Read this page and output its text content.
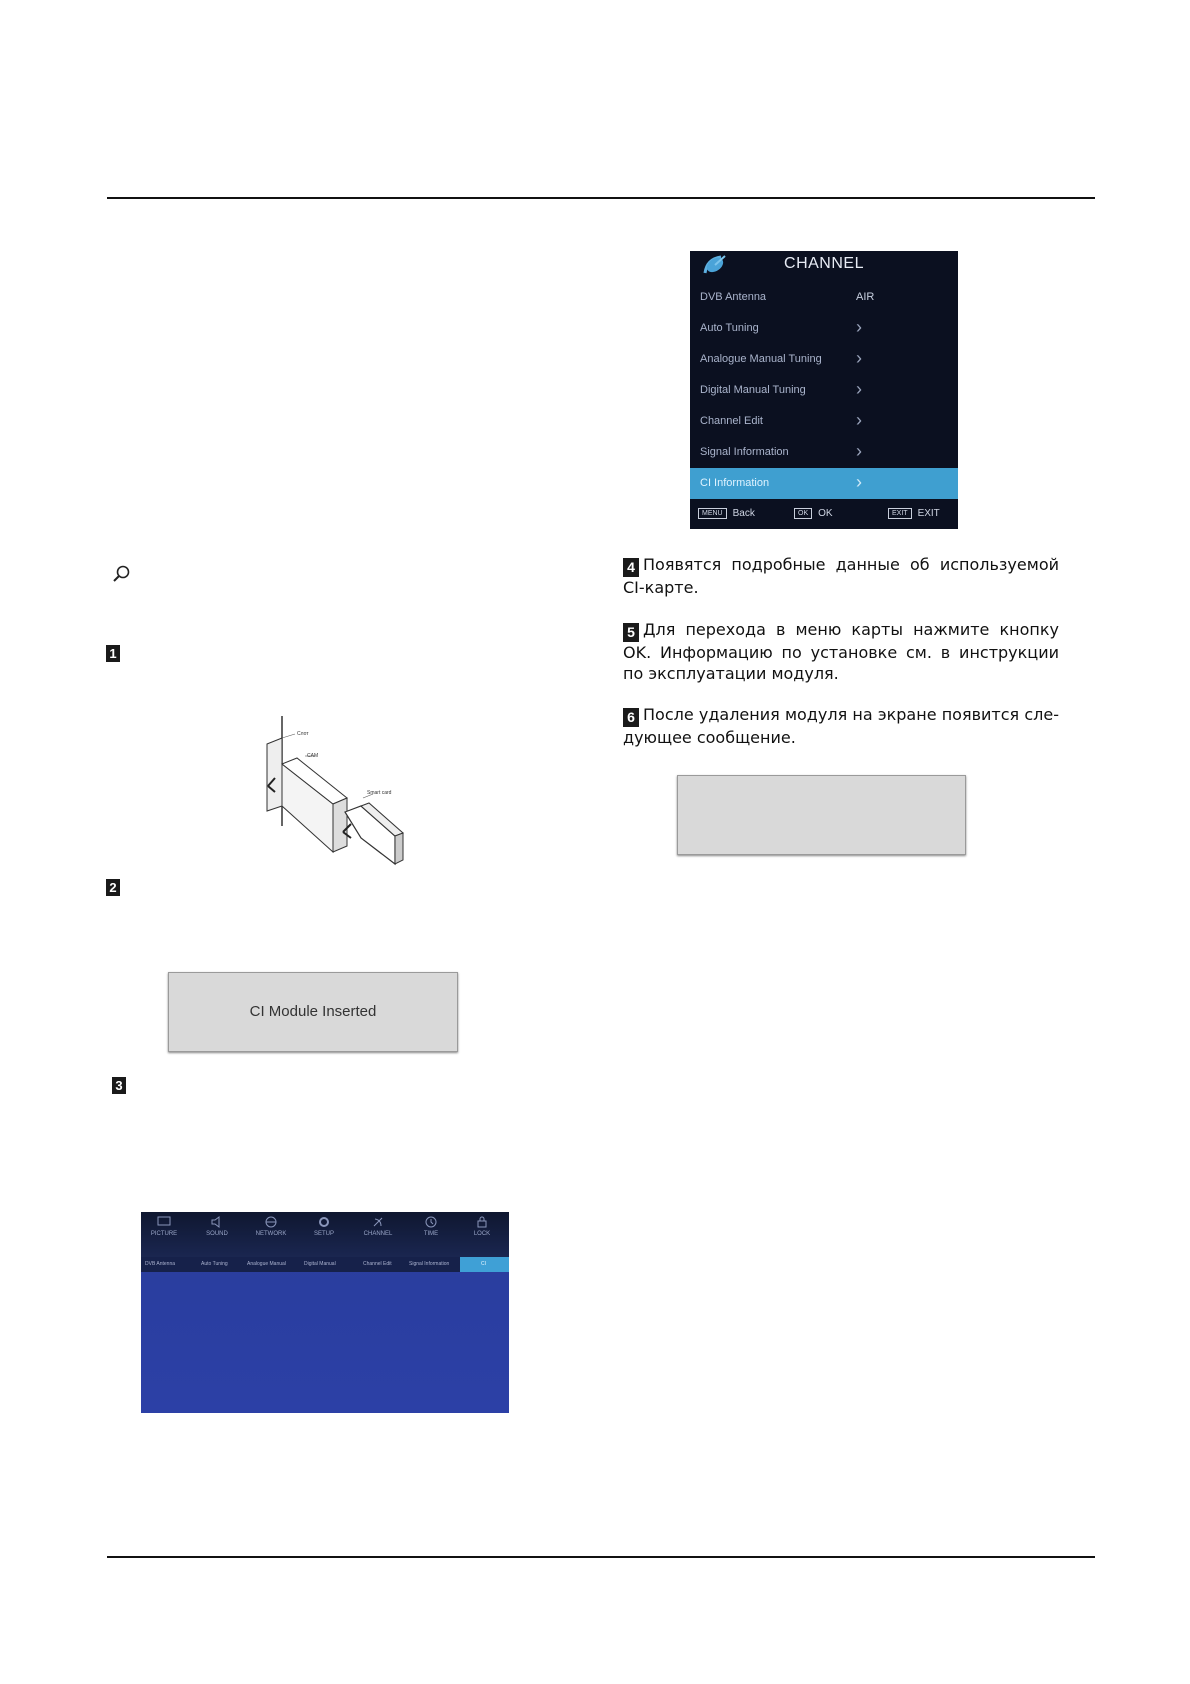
1
2
3
Слот
CAM
Smart card
CI Module Inserted
PICTURE	SOUND	NETWORK	SETUP	CHANNEL	TIME	LOCK
DVB Antenna	Auto Tuning	Analogue Manual	Digital Manual	Channel Edit	Signal Information	CI
CHANNEL
DVB Antenna	AIR
Auto Tuning	›
Analogue Manual Tuning ›
Digital Manual Tuning	›
Channel Edit	›
Signal Information	›
CI Information	›
MENU Back	OK OK	EXIT EXIT
4 Появятся подробные данные об используемой CI-карте.
5 Для перехода в меню карты нажмите кнопку OK. Информацию по установке см. в инструкции по эксплуатации модуля.
6 После удаления модуля на экране появится сле-дующее сообщение.
